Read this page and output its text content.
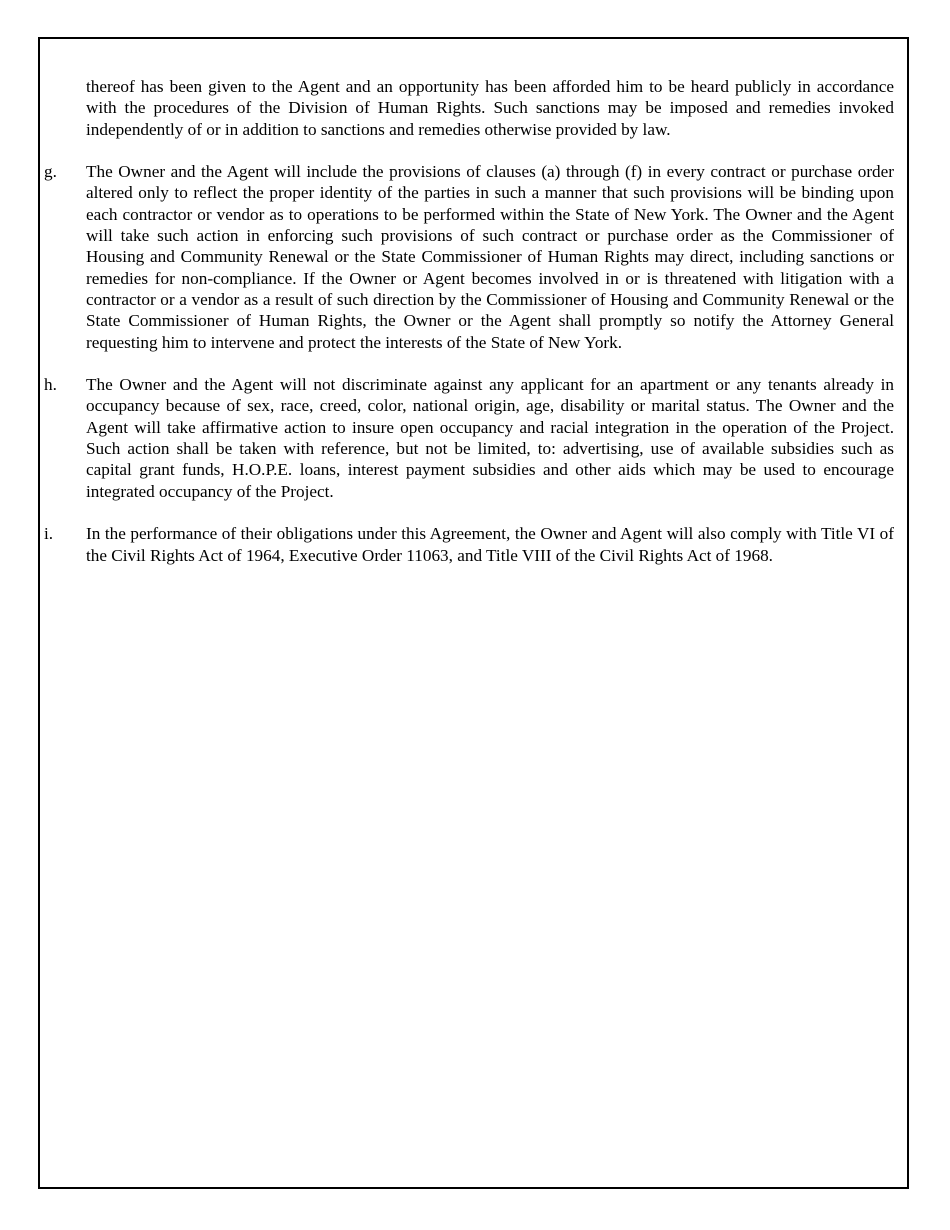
thereof has been given to the Agent and an opportunity has been afforded him to be heard publicly in accordance with the procedures of the Division of Human Rights. Such sanctions may be imposed and remedies invoked independently of or in addition to sanctions and remedies otherwise provided by law.

g. The Owner and the Agent will include the provisions of clauses (a) through (f) in every contract or purchase order altered only to reflect the proper identity of the parties in such a manner that such provisions will be binding upon each contractor or vendor as to operations to be performed within the State of New York. The Owner and the Agent will take such action in enforcing such provisions of such contract or purchase order as the Commissioner of Housing and Community Renewal or the State Commissioner of Human Rights may direct, including sanctions or remedies for non-compliance. If the Owner or Agent becomes involved in or is threatened with litigation with a contractor or a vendor as a result of such direction by the Commissioner of Housing and Community Renewal or the State Commissioner of Human Rights, the Owner or the Agent shall promptly so notify the Attorney General requesting him to intervene and protect the interests of the State of New York.
h. The Owner and the Agent will not discriminate against any applicant for an apartment or any tenants already in occupancy because of sex, race, creed, color, national origin, age, disability or marital status. The Owner and the Agent will take affirmative action to insure open occupancy and racial integration in the operation of the Project. Such action shall be taken with reference, but not be limited, to: advertising, use of available subsidies such as capital grant funds, H.O.P.E. loans, interest payment subsidies and other aids which may be used to encourage integrated occupancy of the Project.
i. In the performance of their obligations under this Agreement, the Owner and Agent will also comply with Title VI of the Civil Rights Act of 1964, Executive Order 11063, and Title VIII of the Civil Rights Act of 1968.
